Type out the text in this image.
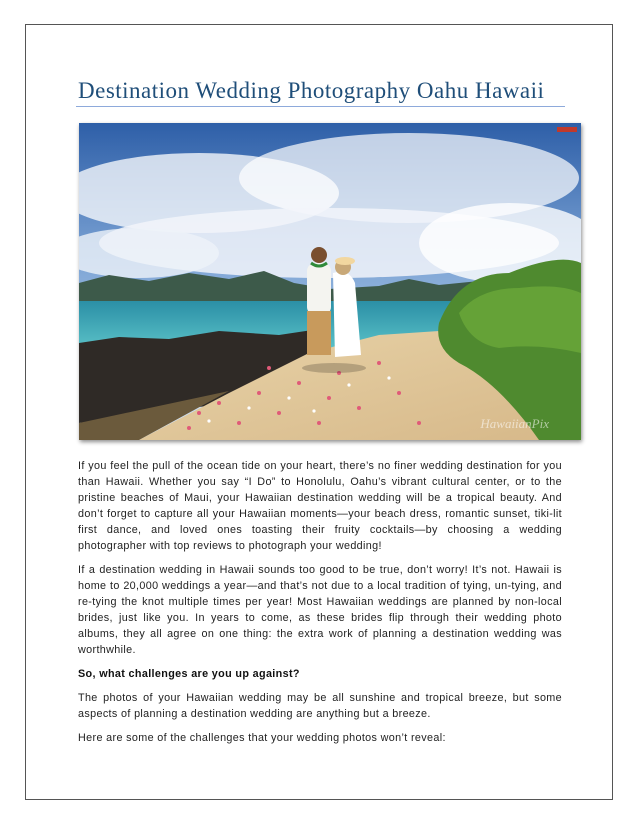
Destination Wedding Photography Oahu Hawaii
HawaiianPix

If you feel the pull of the ocean tide on your heart, there’s no finer wedding destination for you than Hawaii. Whether you say “I Do” to Honolulu, Oahu’s vibrant cultural center, or to the pristine beaches of Maui, your Hawaiian destination wedding will be a tropical beauty. And don’t forget to capture all your Hawaiian moments—your beach dress, romantic sunset, tiki-lit first dance, and loved ones toasting their fruity cocktails—by choosing a wedding photographer with top reviews to photograph your wedding!

If a destination wedding in Hawaii sounds too good to be true, don’t worry! It’s not. Hawaii is home to 20,000 weddings a year—and that’s not due to a local tradition of tying, un-tying, and re-tying the knot multiple times per year! Most Hawaiian weddings are planned by non-local brides, just like you. In years to come, as these brides flip through their wedding photo albums, they all agree on one thing: the extra work of planning a destination wedding was worthwhile.

So, what challenges are you up against?

The photos of your Hawaiian wedding may be all sunshine and tropical breeze, but some aspects of planning a destination wedding are anything but a breeze.

Here are some of the challenges that your wedding photos won’t reveal:
